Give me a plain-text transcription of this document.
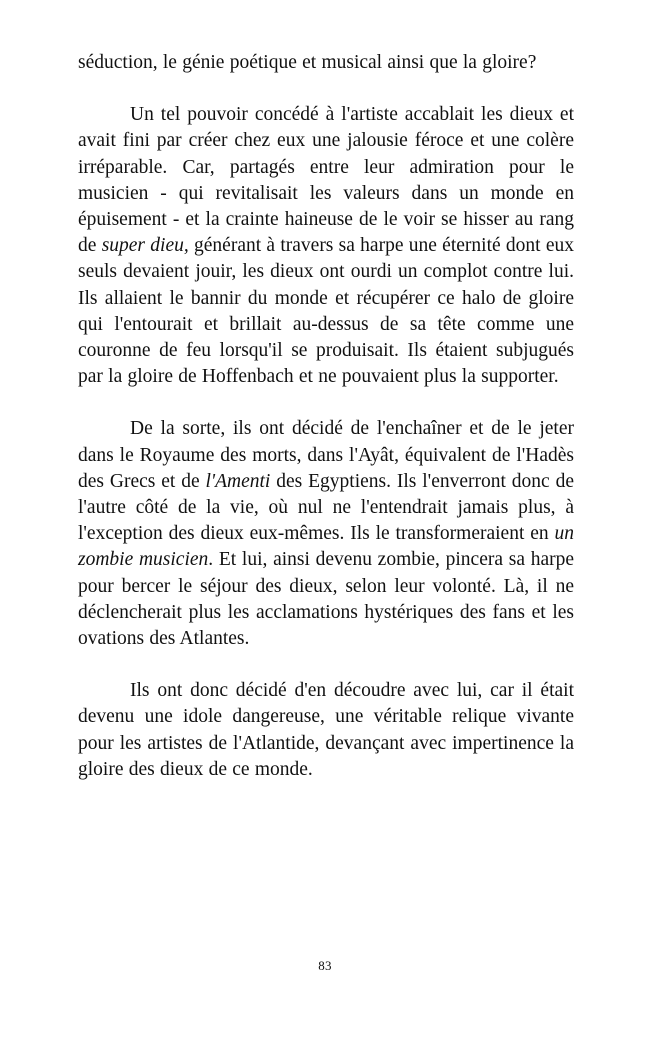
séduction, le génie poétique et musical ainsi que la gloire?

Un tel pouvoir concédé à l'artiste accablait les dieux et avait fini par créer chez eux une jalousie féroce et une colère irréparable. Car, partagés entre leur admiration pour le musicien - qui revitalisait les valeurs dans un monde en épuisement - et la crainte haineuse de le voir se hisser au rang de super dieu, générant à travers sa harpe une éternité dont eux seuls devaient jouir, les dieux ont ourdi un complot contre lui. Ils allaient le bannir du monde et récupérer ce halo de gloire qui l'entourait et brillait au-dessus de sa tête comme une couronne de feu lorsqu'il se produisait. Ils étaient subjugués par la gloire de Hoffenbach et ne pouvaient plus la supporter.

De la sorte, ils ont décidé de l'enchaîner et de le jeter dans le Royaume des morts, dans l'Ayât, équivalent de l'Hadès des Grecs et de l'Amenti des Egyptiens. Ils l'enverront donc de l'autre côté de la vie, où nul ne l'entendrait jamais plus, à l'exception des dieux eux-mêmes. Ils le transformeraient en un zombie musicien. Et lui, ainsi devenu zombie, pincera sa harpe pour bercer le séjour des dieux, selon leur volonté. Là, il ne déclencherait plus les acclamations hystériques des fans et les ovations des Atlantes.

Ils ont donc décidé d'en découdre avec lui, car il était devenu une idole dangereuse, une véritable relique vivante pour les artistes de l'Atlantide, devançant avec impertinence la gloire des dieux de ce monde.

83
